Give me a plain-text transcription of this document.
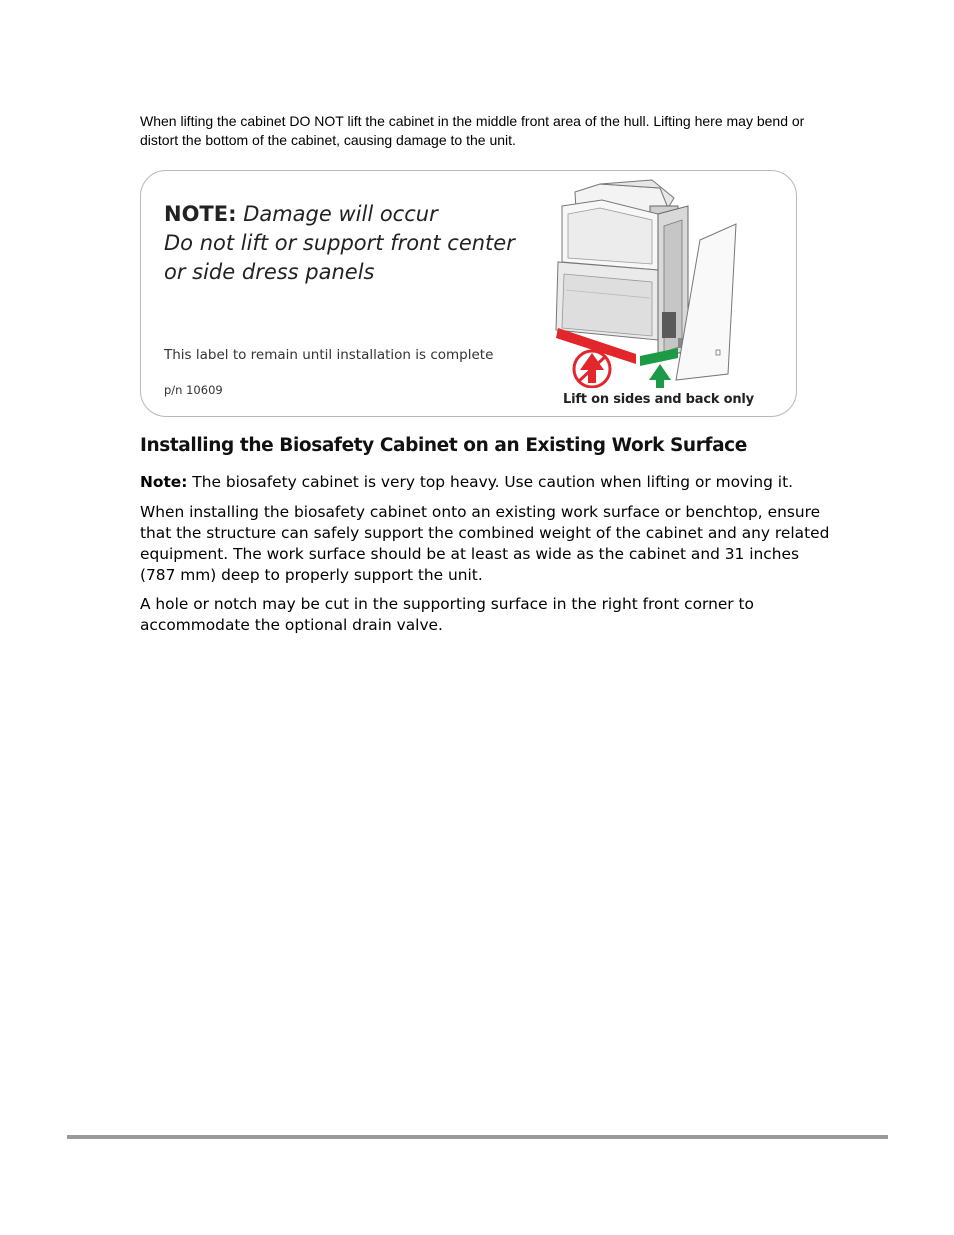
When lifting the cabinet DO NOT lift the cabinet in the middle front area of the hull. Lifting here may bend or distort the bottom of the cabinet, causing damage to the unit.

NOTE: Damage will occur
Do not lift or support front center
or side dress panels
This label to remain until installation is complete
p/n 10609
Lift on sides and back only
Installing the Biosafety Cabinet on an Existing Work Surface

Note: The biosafety cabinet is very top heavy. Use caution when lifting or moving it.

When installing the biosafety cabinet onto an existing work surface or benchtop, ensure that the structure can safely support the combined weight of the cabinet and any related equipment. The work surface should be at least as wide as the cabinet and 31 inches (787 mm) deep to properly support the unit.

A hole or notch may be cut in the supporting surface in the right front corner to accommodate the optional drain valve.
